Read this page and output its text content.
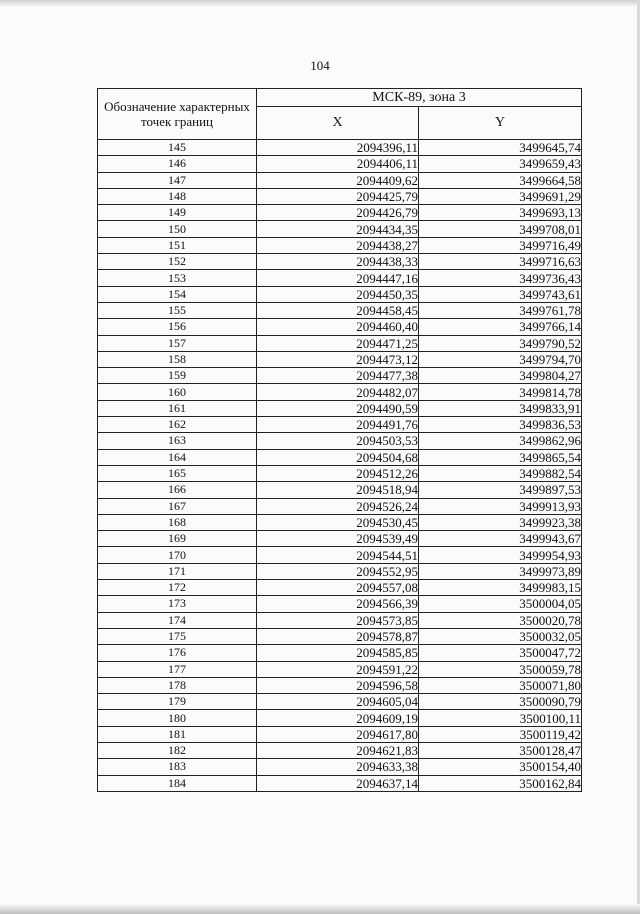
104
Обозначение характерных точек границ	МСК-89, зона 3	
	X	Y
145	2094396,11	3499645,74
146	2094406,11	3499659,43
147	2094409,62	3499664,58
148	2094425,79	3499691,29
149	2094426,79	3499693,13
150	2094434,35	3499708,01
151	2094438,27	3499716,49
152	2094438,33	3499716,63
153	2094447,16	3499736,43
154	2094450,35	3499743,61
155	2094458,45	3499761,78
156	2094460,40	3499766,14
157	2094471,25	3499790,52
158	2094473,12	3499794,70
159	2094477,38	3499804,27
160	2094482,07	3499814,78
161	2094490,59	3499833,91
162	2094491,76	3499836,53
163	2094503,53	3499862,96
164	2094504,68	3499865,54
165	2094512,26	3499882,54
166	2094518,94	3499897,53
167	2094526,24	3499913,93
168	2094530,45	3499923,38
169	2094539,49	3499943,67
170	2094544,51	3499954,93
171	2094552,95	3499973,89
172	2094557,08	3499983,15
173	2094566,39	3500004,05
174	2094573,85	3500020,78
175	2094578,87	3500032,05
176	2094585,85	3500047,72
177	2094591,22	3500059,78
178	2094596,58	3500071,80
179	2094605,04	3500090,79
180	2094609,19	3500100,11
181	2094617,80	3500119,42
182	2094621,83	3500128,47
183	2094633,38	3500154,40
184	2094637,14	3500162,84
